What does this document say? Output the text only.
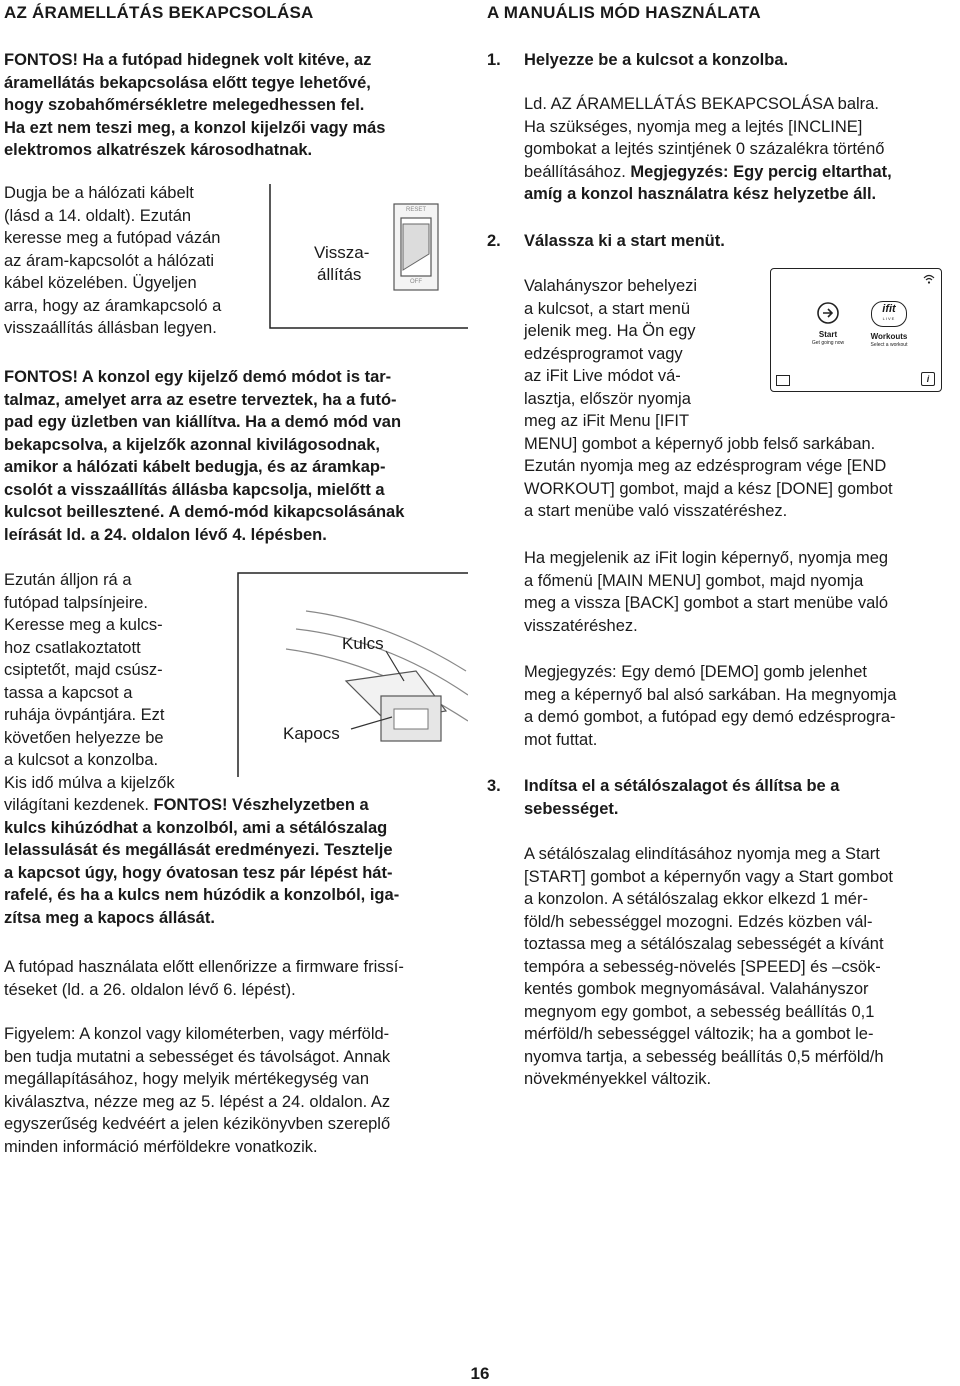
AZ ÁRAMELLÁTÁS BEKAPCSOLÁSA
FONTOS! Ha a futópad hidegnek volt kitéve, az
áramellátás bekapcsolása előtt tegye lehetővé,
hogy szobahőmérsékletre melegedhessen fel.
Ha ezt nem teszi meg, a konzol kijelzői vagy más
elektromos alkatrészek károsodhatnak.
Dugja be a hálózati kábelt
(lásd a 14. oldalt). Ezután
keresse meg a futópad vázán
az áram-kapcsolót a hálózati
kábel közelében. Ügyeljen
arra, hogy az áramkapcsoló a
visszaállítás állásban legyen.
Vissza-
állítás
RESET
OFF
FONTOS! A konzol egy kijelző demó módot is tar-
talmaz, amelyet arra az esetre terveztek, ha a futó-
pad egy üzletben van kiállítva. Ha a demó mód van
bekapcsolva, a kijelzők azonnal kivilágosodnak,
amikor a hálózati kábelt bedugja, és az áramkap-
csolót a visszaállítás állásba kapcsolja, mielőtt a
kulcsot beillesztené. A demó-mód kikapcsolásának
leírását ld. a 24. oldalon lévő 4. lépésben.
Ezután álljon rá a
futópad talpsínjeire.
Keresse meg a kulcs-
hoz csatlakoztatott
csiptetőt, majd csúsz-
tassa a kapcsot a
ruhája övpántjára. Ezt
követően helyezze be
a kulcsot a konzolba.
Kis idő múlva a kijelzők
világítani kezdenek. FONTOS! Vészhelyzetben a
kulcs kihúzódhat a konzolból, ami a sétálószalag
lelassulását és megállását eredményezi. Tesztelje
a kapcsot úgy, hogy óvatosan tesz pár lépést hát-
rafelé, és ha a kulcs nem húzódik a konzolból, iga-
zítsa meg a kapocs állását.
Kulcs
Kapocs
A futópad használata előtt ellenőrizze a firmware frissí-
téseket (ld. a 26. oldalon lévő 6. lépést).
Figyelem: A konzol vagy kilométerben, vagy mérföld-
ben tudja mutatni a sebességet és távolságot. Annak
megállapításához, hogy melyik mértékegység van
kiválasztva, nézze meg az 5. lépést a 24. oldalon. Az
egyszerűség kedvéért a jelen kézikönyvben szereplő
minden információ mérföldekre vonatkozik.
A MANUÁLIS MÓD HASZNÁLATA
1. Helyezze be a kulcsot a konzolba.
Ld. AZ ÁRAMELLÁTÁS BEKAPCSOLÁSA balra.
Ha szükséges, nyomja meg a lejtés [INCLINE]
gombokat a lejtés szintjének 0 százalékra történő
beállításához. Megjegyzés: Egy percig eltarthat,
amíg a konzol használatra kész helyzetbe áll.
2. Válassza ki a start menüt.
Valahányszor behelyezi
a kulcsot, a start menü
jelenik meg. Ha Ön egy
edzésprogramot vagy
az iFit Live módot vá-
lasztja, először nyomja
meg az iFit Menu [IFIT
MENU] gombot a képernyő jobb felső sarkában.
Ezután nyomja meg az edzésprogram vége [END
WORKOUT] gombot, majd a kész [DONE] gombot
a start menübe való visszatéréshez.
Start
Get going now
ifit
LIVE
Workouts
Select a workout
i
Ha megjelenik az iFit login képernyő, nyomja meg
a főmenü [MAIN MENU] gombot, majd nyomja
meg a vissza [BACK] gombot a start menübe való
visszatéréshez.
Megjegyzés: Egy demó [DEMO] gomb jelenhet
meg a képernyő bal alsó sarkában. Ha megnyomja
a demó gombot, a futópad egy demó edzésprogra-
mot futtat.
3. Indítsa el a sétálószalagot és állítsa be a
sebességet.
A sétálószalag elindításához nyomja meg a Start
[START] gombot a képernyőn vagy a Start gombot
a konzolon. A sétálószalag ekkor elkezd 1 mér-
föld/h sebességgel mozogni. Edzés közben vál-
toztassa meg a sétálószalag sebességét a kívánt
tempóra a sebesség-növelés [SPEED] és –csök-
kentés gombok megnyomásával. Valahányszor
megnyom egy gombot, a sebesség beállítás 0,1
mérföld/h sebességgel változik; ha a gombot le-
nyomva tartja, a sebesség beállítás 0,5 mérföld/h
növekményekkel változik.
16
